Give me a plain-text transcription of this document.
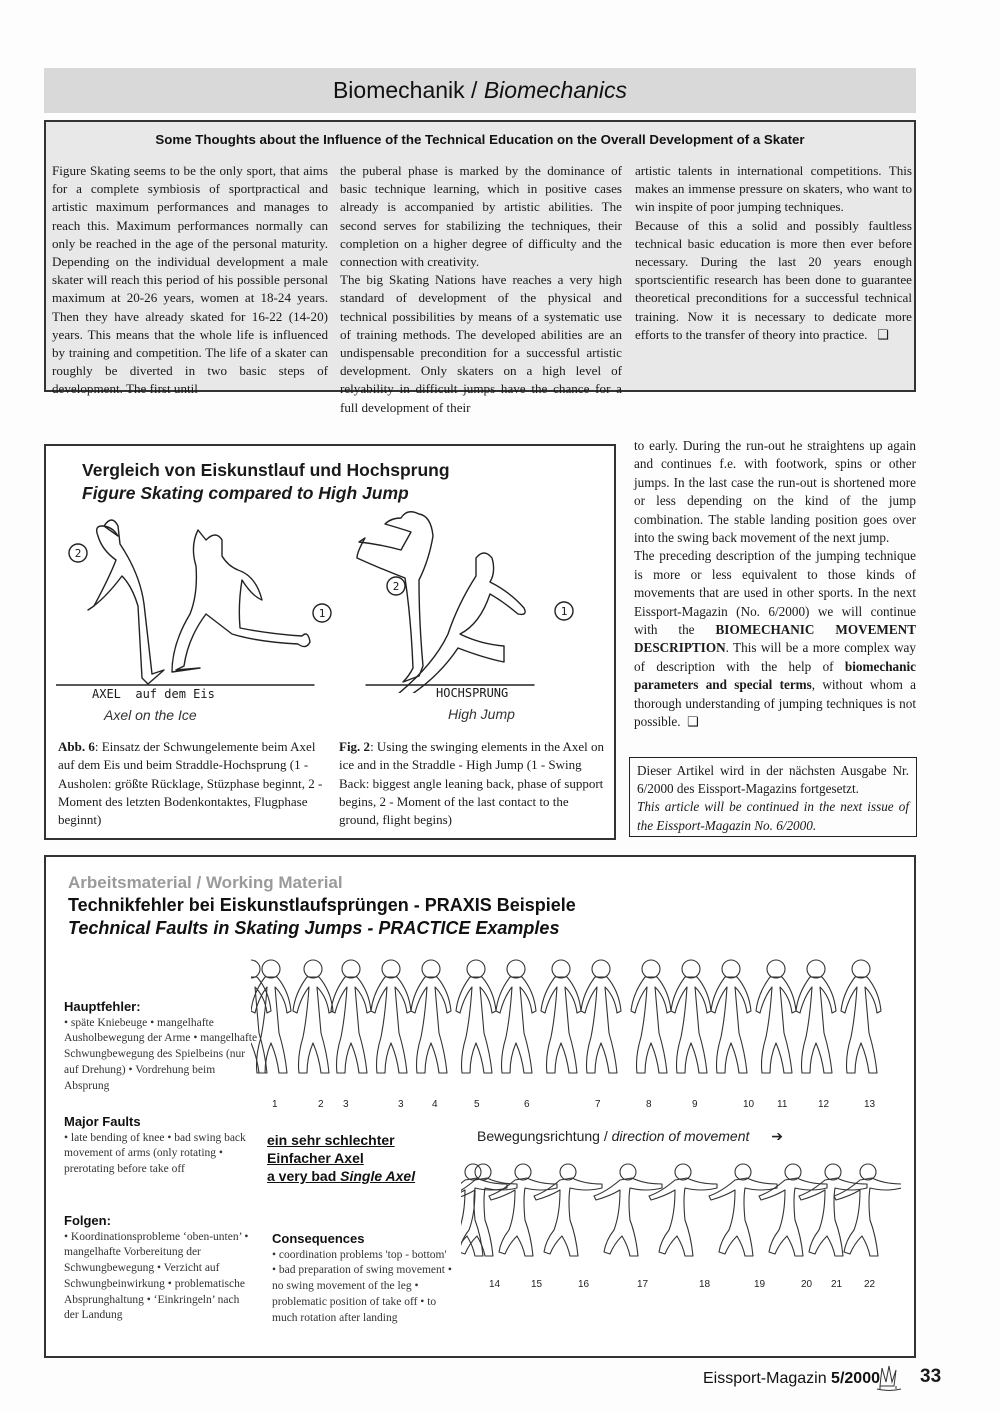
Biomechanik / Biomechanics
Some Thoughts about the Influence of the Technical Education on the Overall Development of a Skater

Figure Skating seems to be the only sport, that aims for a complete symbiosis of sportpractical and artistic maximum performances and manages to reach this. Maximum performances normally can only be reached in the age of the personal maturity. Depending on the individual development a male skater will reach this period of his possible personal maximum at 20-26 years, women at 18-24 years. Then they have already skated for 16-22 (14-20) years. This means that the whole life is influenced by training and competition. The life of a skater can roughly be diverted in two basic steps of development. The first until

the puberal phase is marked by the dominance of basic technique learning, which in positive cases already is accompanied by artistic abilities. The second serves for stabilizing the techniques, their completion on a higher degree of difficulty and the connection with creativity.

The big Skating Nations have reaches a very high standard of development of the physical and technical possibilities by means of a systematic use of training methods. The developed abilities are an undispensable precondition for a successful artistic development. Only skaters on a high level of relyability in difficult jumps have the chance for a full development of their

artistic talents in international competitions. This makes an immense pressure on skaters, who want to win inspite of poor jumping techniques.

Because of this a solid and possibly faultless technical basic education is more then ever before necessary. During the last 20 years enough sportscientific research has been done to guarantee theoretical preconditions for a successful technical training. Now it is necessary to dedicate more efforts to the transfer of theory into practice. ❑

Vergleich von Eiskunstlauf und Hochsprung
Figure Skating compared to High Jump
2
1
2
1
AXEL  auf dem Eis
Axel on the Ice
HOCHSPRUNG
High Jump
Abb. 6: Einsatz der Schwungelemente beim Axel auf dem Eis und beim Straddle-Hochsprung (1 - Ausholen: größte Rücklage, Stüzphase beginnt, 2 - Moment des letzten Bodenkontaktes, Flugphase beginnt)
Fig. 2: Using the swinging elements in the Axel on ice and in the Straddle - High Jump (1 - Swing Back: biggest angle leaning back, phase of support begins, 2 - Moment of the last contact to the ground, flight begins)

to early. During the run-out he straightens up again and continues f.e. with footwork, spins or other jumps. In the last case the run-out is shortened more or less depending on the kind of the jump combination. The stable landing position goes over into the swing back movement of the next jump.

The preceding description of the jumping technique is more or less equivalent to those kinds of movements that are used in other sports. In the next Eissport-Magazin (No. 6/2000) we will continue with the BIOMECHANIC MOVEMENT DESCRIPTION. This will be a more complex way of description with the help of biomechanic parameters and special terms, without whom a thorough understanding of jumping techniques is not possible. ❑

Dieser Artikel wird in der nächsten Ausgabe Nr. 6/2000 des Eissport-Magazins fortgesetzt.
This article will be continued in the next issue of the Eissport-Magazin No. 6/2000.
Arbeitsmaterial / Working Material
Technikfehler bei Eiskunstlaufsprüngen - PRAXIS Beispiele
Technical Faults in Skating Jumps - PRACTICE Examples
Hauptfehler:
• späte Kniebeuge • mangelhafte Ausholbewegung der Arme • mangelhafte Schwungbewegung des Spielbeins (nur auf Drehung) • Vordrehung beim Absprung
Major Faults
• late bending of knee • bad swing back movement of arms (only rotating • prerotating before take off
Folgen:
• Koordinationsprobleme ‘oben-unten’ • mangelhafte Vorbereitung der Schwungbewegung • Verzicht auf Schwungbeinwirkung • problematische Absprunghaltung • ‘Einkringeln’ nach der Landung
Consequences
• coordination problems 'top - bottom' • bad preparation of swing movement • no swing movement of the leg • problematic position of take off • to much rotation after landing
1	2 3	3	4	5	6	7	8	9	10 11	12	13
ein sehr schlechter
Einfacher Axel
a very bad Single Axel
Bewegungsrichtung / direction of movement ➔
14	15	16	17	18	19	20 21 22
Eissport-Magazin 5/2000 33
